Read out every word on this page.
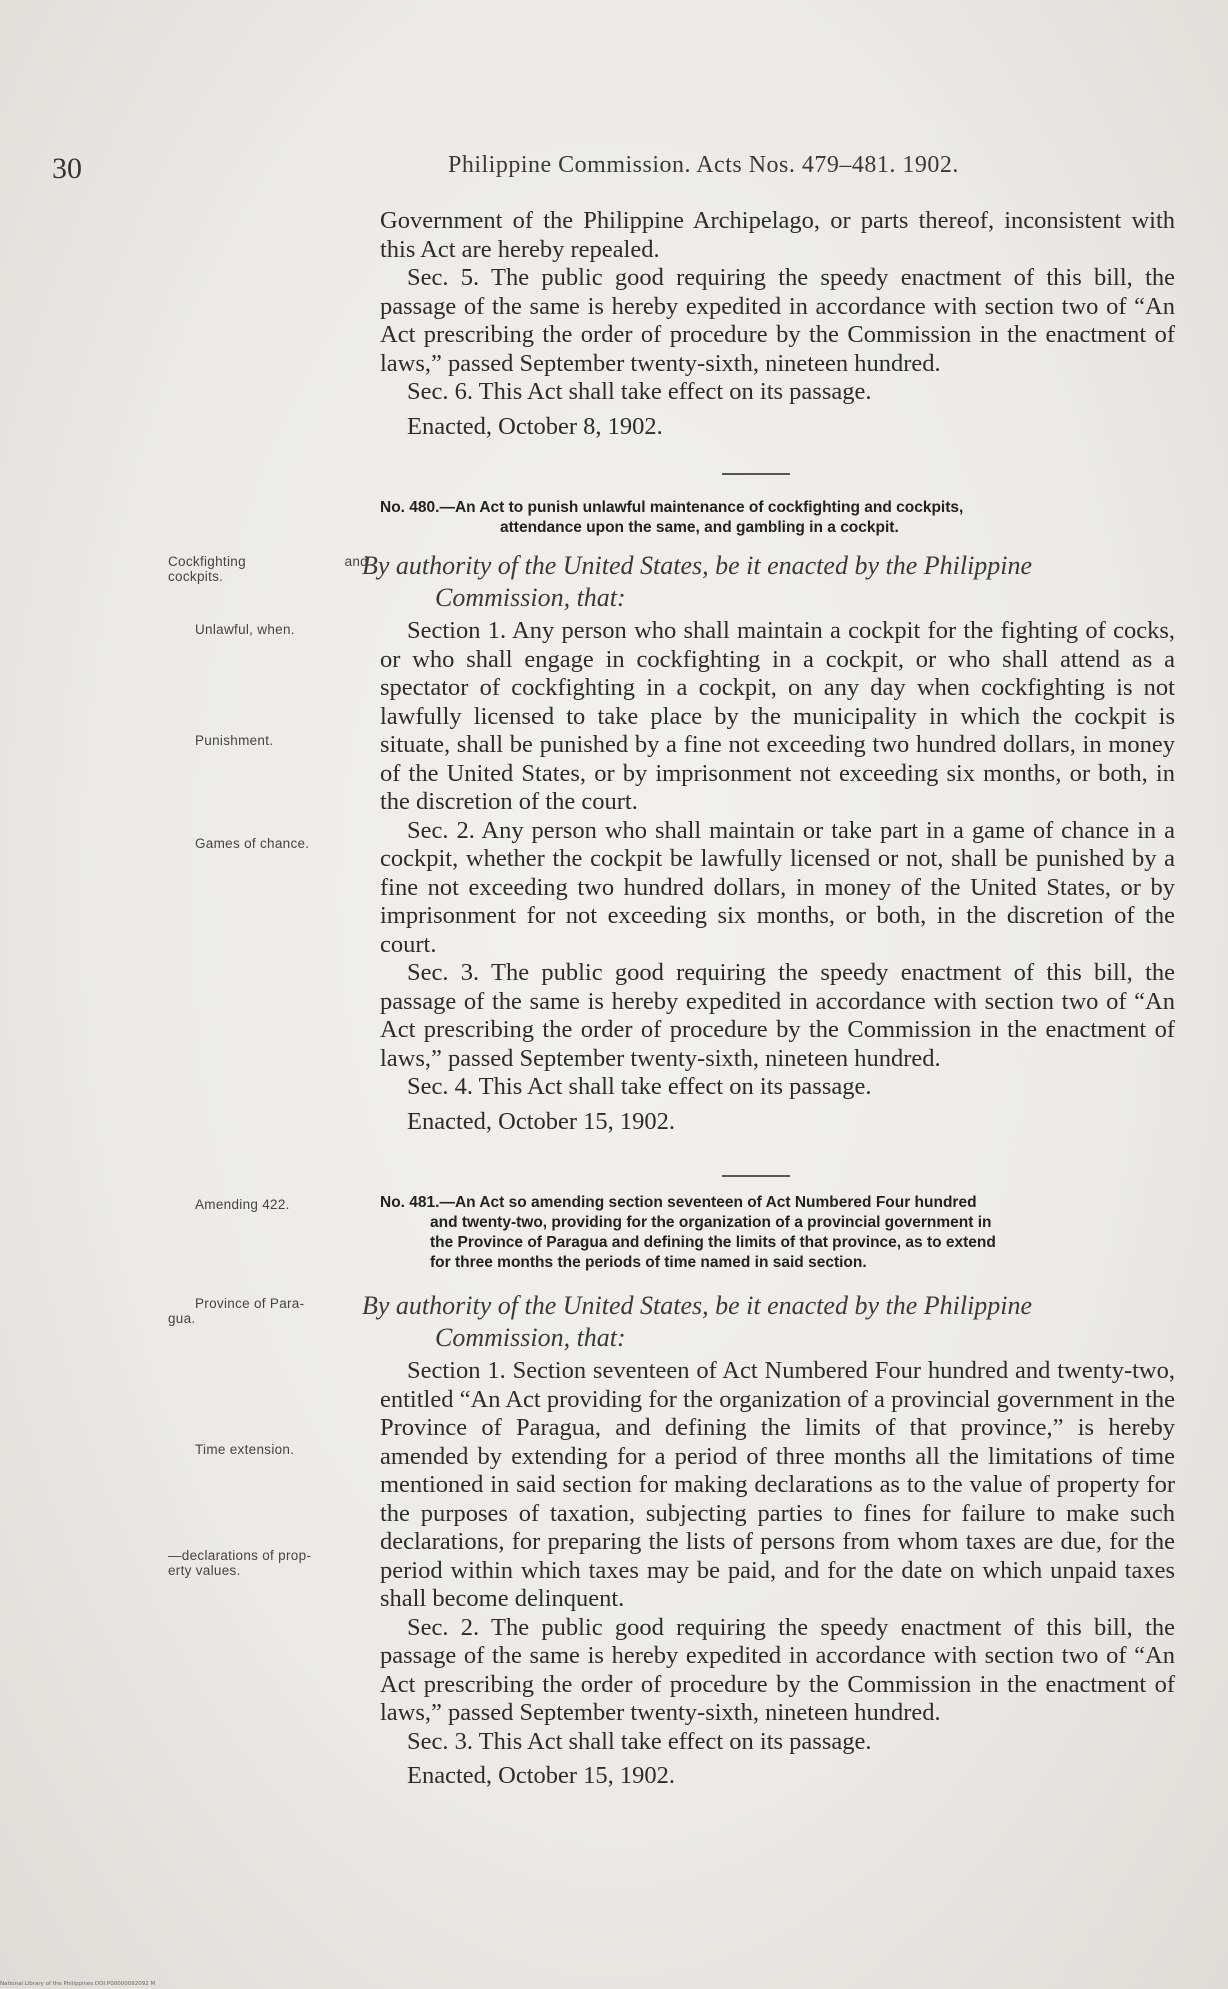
30	Philippine Commission. Acts Nos. 479–481. 1902.

Government of the Philippine Archipelago, or parts thereof, inconsistent with this Act are hereby repealed.

Sec. 5. The public good requiring the speedy enactment of this bill, the passage of the same is hereby expedited in accordance with section two of “An Act prescribing the order of procedure by the Commission in the enactment of laws,” passed September twenty-sixth, nineteen hundred.

Sec. 6. This Act shall take effect on its passage.

Enacted, October 8, 1902.

No. 480.—An Act to punish unlawful maintenance of cockfighting and cockpits,
attendance upon the same, and gambling in a cockpit.
By authority of the United States, be it enacted by the Philippine
Commission, that:

Section 1. Any person who shall maintain a cockpit for the fighting of cocks, or who shall engage in cockfighting in a cockpit, or who shall attend as a spectator of cockfighting in a cockpit, on any day when cockfighting is not lawfully licensed to take place by the municipality in which the cockpit is situate, shall be punished by a fine not exceeding two hundred dollars, in money of the United States, or by imprisonment not exceeding six months, or both, in the discretion of the court.

Sec. 2. Any person who shall maintain or take part in a game of chance in a cockpit, whether the cockpit be lawfully licensed or not, shall be punished by a fine not exceeding two hundred dollars, in money of the United States, or by imprisonment for not exceeding six months, or both, in the discretion of the court.

Sec. 3. The public good requiring the speedy enactment of this bill, the passage of the same is hereby expedited in accordance with section two of “An Act prescribing the order of procedure by the Commission in the enactment of laws,” passed September twenty-sixth, nineteen hundred.

Sec. 4. This Act shall take effect on its passage.

Enacted, October 15, 1902.

No. 481.—An Act so amending section seventeen of Act Numbered Four hundred
and twenty-two, providing for the organization of a provincial government in
the Province of Paragua and defining the limits of that province, as to extend
for three months the periods of time named in said section.
By authority of the United States, be it enacted by the Philippine
Commission, that:

Section 1. Section seventeen of Act Numbered Four hundred and twenty-two, entitled “An Act providing for the organization of a provincial government in the Province of Paragua, and defining the limits of that province,” is hereby amended by extending for a period of three months all the limitations of time mentioned in said section for making declarations as to the value of property for the purposes of taxation, subjecting parties to fines for failure to make such declarations, for preparing the lists of persons from whom taxes are due, for the period within which taxes may be paid, and for the date on which unpaid taxes shall become delinquent.

Sec. 2. The public good requiring the speedy enactment of this bill, the passage of the same is hereby expedited in accordance with section two of “An Act prescribing the order of procedure by the Commission in the enactment of laws,” passed September twenty-sixth, nineteen hundred.

Sec. 3. This Act shall take effect on its passage.

Enacted, October 15, 1902.

Cockfighting	and
cockpits.
Unlawful, when.
Punishment.
Games of chance.
Amending 422.
Province of Para-
gua.
Time extension.
—declarations of prop-
erty values.
National Library of the Philippines DOI:P00000092092 M
